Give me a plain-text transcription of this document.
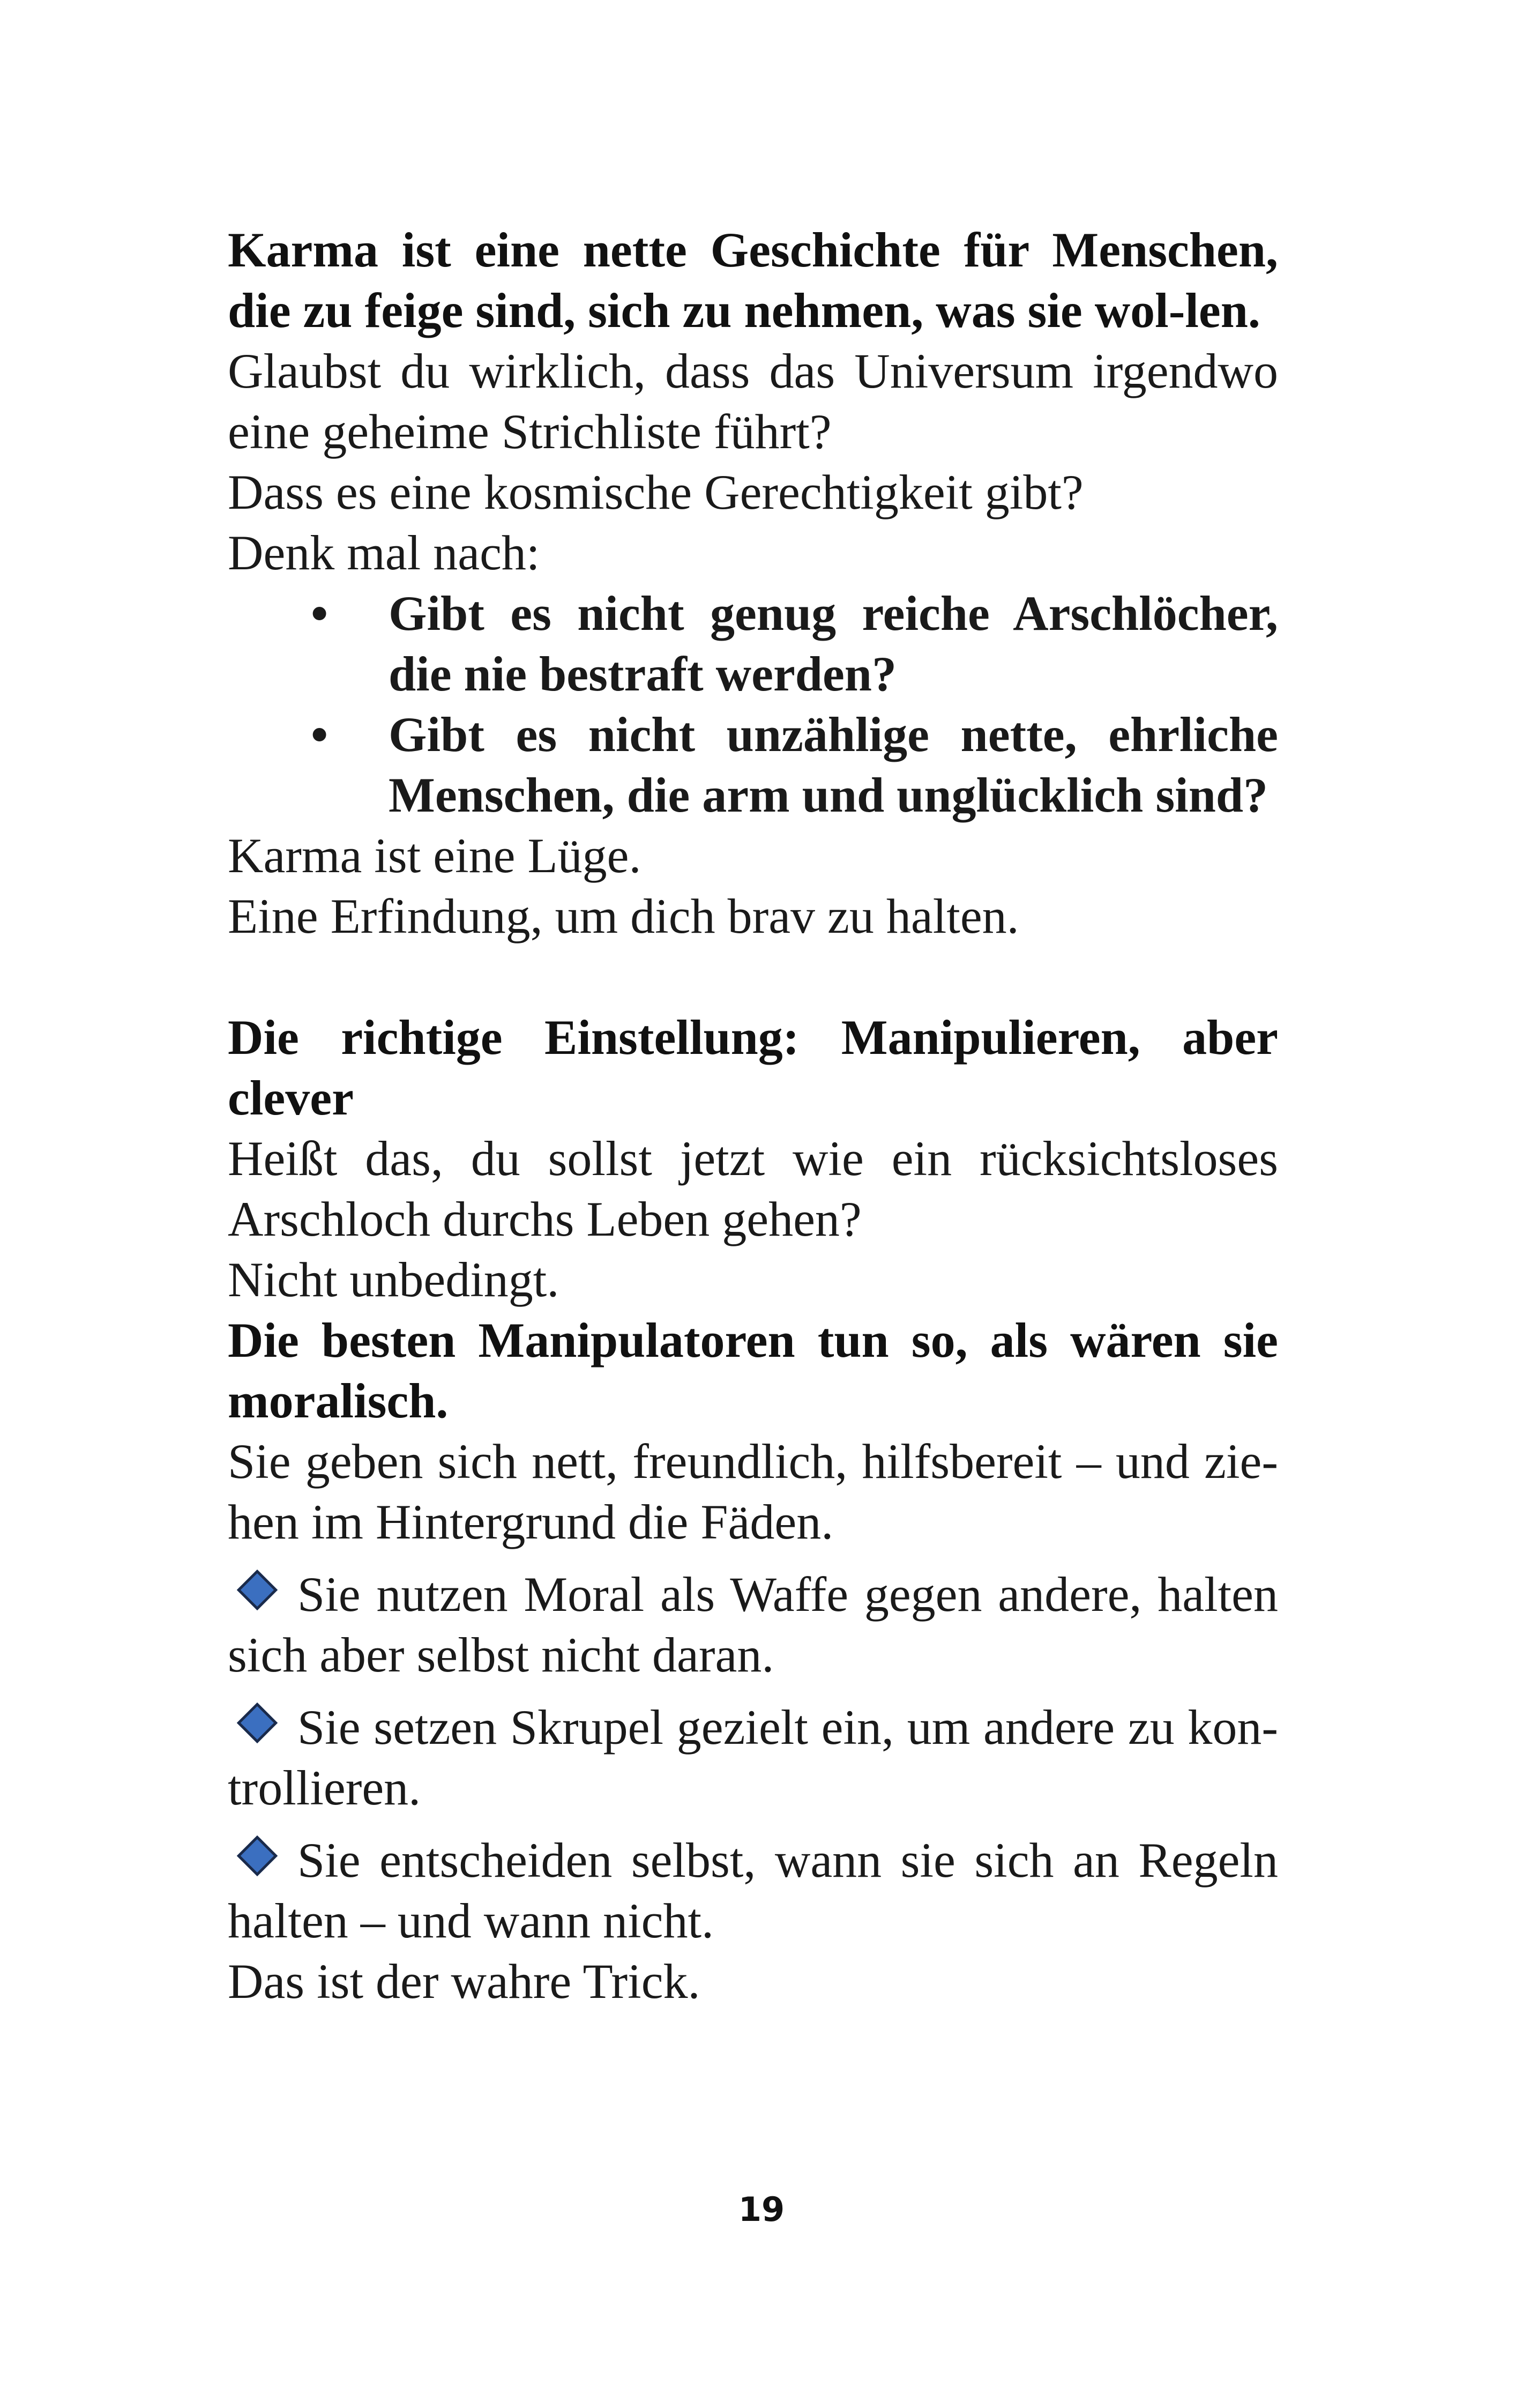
Karma ist eine nette Geschichte für Menschen, die zu feige sind, sich zu nehmen, was sie wol-len.

Glaubst du wirklich, dass das Universum irgendwo eine geheime Strichliste führt?

Dass es eine kosmische Gerechtigkeit gibt?

Denk mal nach:

• Gibt es nicht genug reiche Arschlöcher, die nie bestraft werden?
• Gibt es nicht unzählige nette, ehrliche Menschen, die arm und unglücklich sind?

Karma ist eine Lüge.

Eine Erfindung, um dich brav zu halten.

Die richtige Einstellung: Manipulieren, aber clever

Heißt das, du sollst jetzt wie ein rücksichtsloses Arschloch durchs Leben gehen?

Nicht unbedingt.

Die besten Manipulatoren tun so, als wären sie moralisch.

Sie geben sich nett, freundlich, hilfsbereit – und zie-hen im Hintergrund die Fäden.

Sie nutzen Moral als Waffe gegen andere, halten sich aber selbst nicht daran.

Sie setzen Skrupel gezielt ein, um andere zu kon-trollieren.

Sie entscheiden selbst, wann sie sich an Regeln halten – und wann nicht.

Das ist der wahre Trick.

19
